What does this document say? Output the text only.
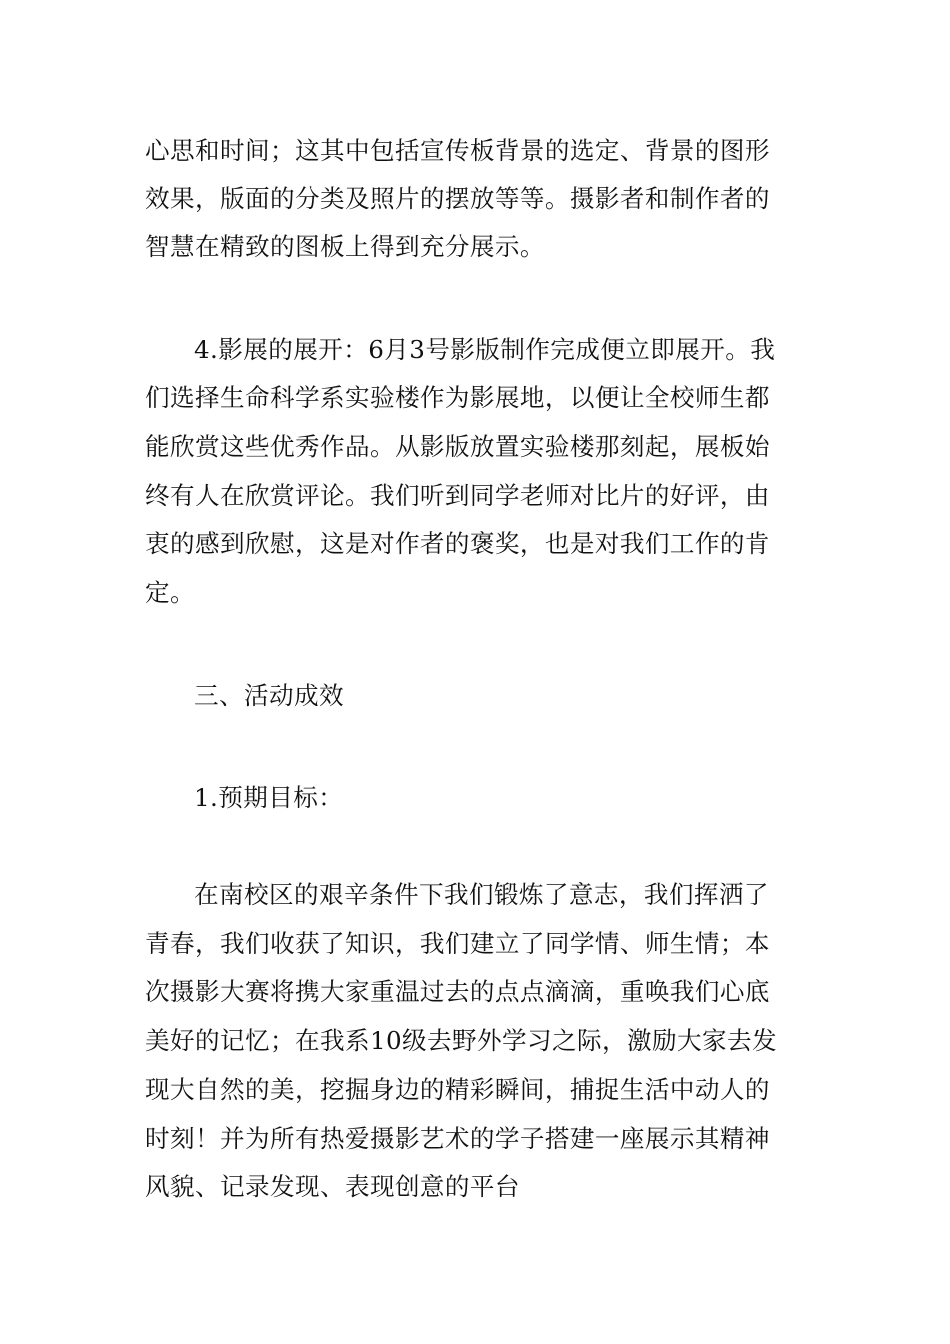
心思和时间；这其中包括宣传板背景的选定、背景的图形
效果，版面的分类及照片的摆放等等。摄影者和制作者的
智慧在精致的图板上得到充分展示。
4.影展的展开：6月3号影版制作完成便立即展开。我
们选择生命科学系实验楼作为影展地，以便让全校师生都
能欣赏这些优秀作品。从影版放置实验楼那刻起，展板始
终有人在欣赏评论。我们听到同学老师对比片的好评，由
衷的感到欣慰，这是对作者的褒奖，也是对我们工作的肯
定。
三、活动成效
1.预期目标：
在南校区的艰辛条件下我们锻炼了意志，我们挥洒了
青春，我们收获了知识，我们建立了同学情、师生情；本
次摄影大赛将携大家重温过去的点点滴滴，重唤我们心底
美好的记忆；在我系10级去野外学习之际，激励大家去发
现大自然的美，挖掘身边的精彩瞬间，捕捉生活中动人的
时刻！并为所有热爱摄影艺术的学子搭建一座展示其精神
风貌、记录发现、表现创意的平台
